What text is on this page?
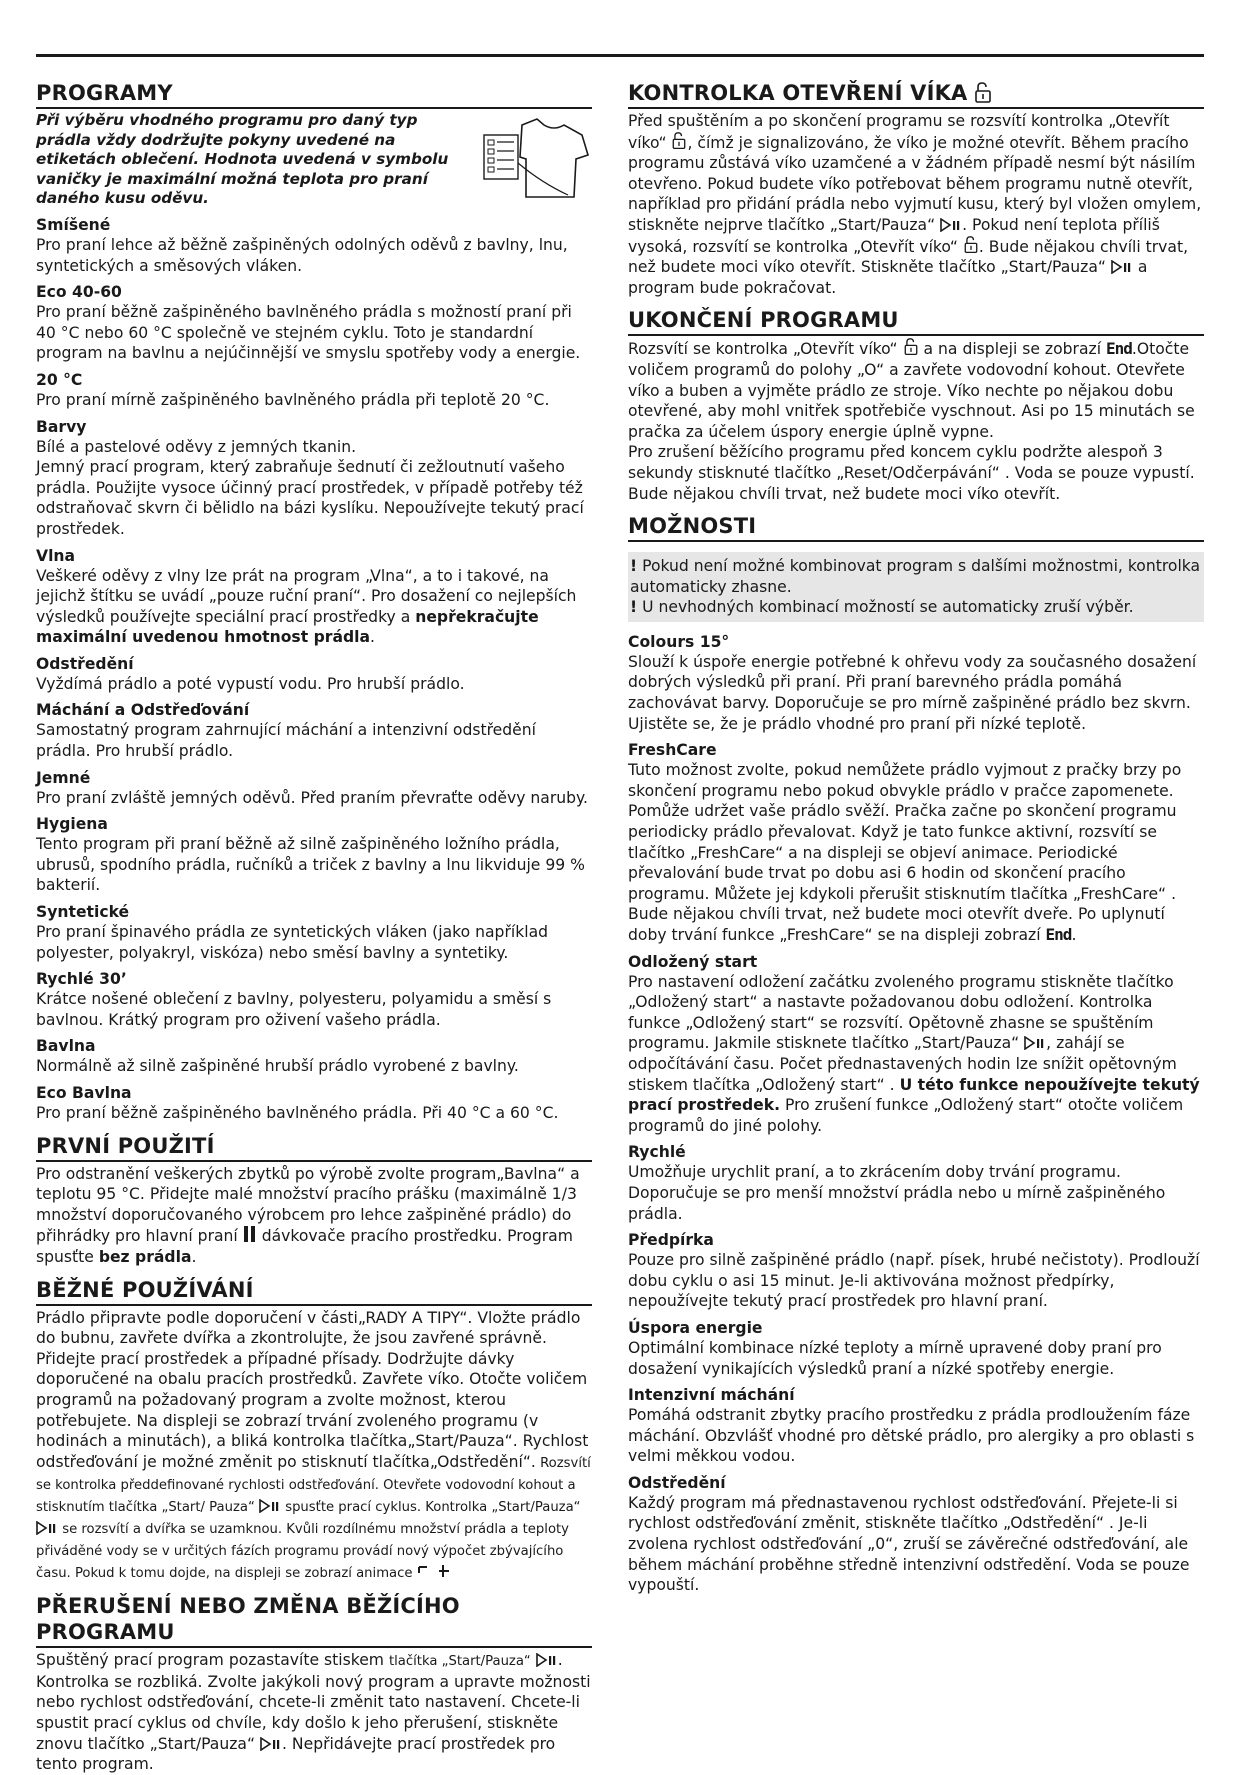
PROGRAMY

Při výběru vhodného programu pro daný typ prádla vždy dodržujte pokyny uvedené na etiketách oblečení. Hodnota uvedená v symbolu vaničky je maximální možná teplota pro praní daného kusu oděvu.

Smíšené

Pro praní lehce až běžně zašpiněných odolných oděvů z bavlny, lnu, syntetických a směsových vláken.

Eco 40-60

Pro praní běžně zašpiněného bavlněného prádla s možností praní při 40 °C nebo 60 °C společně ve stejném cyklu. Toto je standardní program na bavlnu a nejúčinnější ve smyslu spotřeby vody a energie.

20 °C

Pro praní mírně zašpiněného bavlněného prádla při teplotě 20 °C.

Barvy

Bílé a pastelové oděvy z jemných tkanin.
Jemný prací program, který zabraňuje šednutí či zežloutnutí vašeho prádla. Použijte vysoce účinný prací prostředek, v případě potřeby též odstraňovač skvrn či bělidlo na bázi kyslíku. Nepoužívejte tekutý prací prostředek.

Vlna

Veškeré oděvy z vlny lze prát na program „Vlna“, a to i takové, na jejichž štítku se uvádí „pouze ruční praní“. Pro dosažení co nejlepších výsledků používejte speciální prací prostředky a nepřekračujte maximální uvedenou hmotnost prádla.

Odstředění

Vyždímá prádlo a poté vypustí vodu. Pro hrubší prádlo.

Máchání a Odstřeďování

Samostatný program zahrnující máchání a intenzivní odstředění prádla. Pro hrubší prádlo.

Jemné

Pro praní zvláště jemných oděvů. Před praním převraťte oděvy naruby.

Hygiena

Tento program při praní běžně až silně zašpiněného ložního prádla, ubrusů, spodního prádla, ručníků a triček z bavlny a lnu likviduje 99 % bakterií.

Syntetické

Pro praní špinavého prádla ze syntetických vláken (jako například polyester, polyakryl, viskóza) nebo směsí bavlny a syntetiky.

Rychlé 30’

Krátce nošené oblečení z bavlny, polyesteru, polyamidu a směsí s bavlnou. Krátký program pro oživení vašeho prádla.

Bavlna

Normálně až silně zašpiněné hrubší prádlo vyrobené z bavlny.

Eco Bavlna

Pro praní běžně zašpiněného bavlněného prádla. Při 40 °C a 60 °C.

PRVNÍ POUŽITÍ

Pro odstranění veškerých zbytků po výrobě zvolte program„Bavlna“ a teplotu 95 °C. Přidejte malé množství pracího prášku (maximálně 1/3 množství doporučovaného výrobcem pro lehce zašpiněné prádlo) do přihrádky pro hlavní praní dávkovače pracího prostředku. Program spusťte bez prádla.

BĚŽNÉ POUŽÍVÁNÍ

Prádlo připravte podle doporučení v části„RADY A TIPY“. Vložte prádlo do bubnu, zavřete dvířka a zkontrolujte, že jsou zavřené správně. Přidejte prací prostředek a případné přísady. Dodržujte dávky doporučené na obalu pracích prostředků. Zavřete víko. Otočte voličem programů na požadovaný program a zvolte možnost, kterou potřebujete. Na displeji se zobrazí trvání zvoleného programu (v hodinách a minutách), a bliká kontrolka tlačítka„Start/Pauza“. Rychlost odstřeďování je možné změnit po stisknutí tlačítka„Odstředění“. Rozsvítí se kontrolka předdefinované rychlosti odstřeďování. Otevřete vodovodní kohout a stisknutím tlačítka „Start/ Pauza“  spusťte prací cyklus. Kontrolka „Start/Pauza“  se rozsvítí a dvířka se uzamknou. Kvůli rozdílnému množství prádla a teploty přiváděné vody se v určitých fázích programu provádí nový výpočet zbývajícího času. Pokud k tomu dojde, na displeji se zobrazí animace

PŘERUŠENÍ NEBO ZMĚNA BĚŽÍCÍHO PROGRAMU

Spuštěný prací program pozastavíte stiskem tlačítka „Start/Pauza“ . Kontrolka se rozbliká. Zvolte jakýkoli nový program a upravte možnosti nebo rychlost odstřeďování, chcete-li změnit tato nastavení. Chcete-li spustit prací cyklus od chvíle, kdy došlo k jeho přerušení, stiskněte znovu tlačítko „Start/Pauza“ . Nepřidávejte prací prostředek pro tento program.

KONTROLKA OTEVŘENÍ VÍKA

Před spuštěním a po skončení programu se rozsvítí kontrolka „Otevřít víko“ , čímž je signalizováno, že víko je možné otevřít. Během pracího programu zůstává víko uzamčené a v žádném případě nesmí být násilím otevřeno. Pokud budete víko potřebovat během programu nutně otevřít, například pro přidání prádla nebo vyjmutí kusu, který byl vložen omylem, stiskněte nejprve tlačítko „Start/Pauza“ . Pokud není teplota příliš vysoká, rozsvítí se kontrolka „Otevřít víko“ . Bude nějakou chvíli trvat, než budete moci víko otevřít. Stiskněte tlačítko „Start/Pauza“  a program bude pokračovat.

UKONČENÍ PROGRAMU

Rozsvítí se kontrolka „Otevřít víko“  a na displeji se zobrazí End.Otočte voličem programů do polohy „O“ a zavřete vodovodní kohout. Otevřete víko a buben a vyjměte prádlo ze stroje. Víko nechte po nějakou dobu otevřené, aby mohl vnitřek spotřebiče vyschnout. Asi po 15 minutách se pračka za účelem úspory energie úplně vypne.
Pro zrušení běžícího programu před koncem cyklu podržte alespoň 3 sekundy stisknuté tlačítko „Reset/Odčerpávání“ . Voda se pouze vypustí. Bude nějakou chvíli trvat, než budete moci víko otevřít.

MOŽNOSTI
! Pokud není možné kombinovat program s dalšími možnostmi, kontrolka automaticky zhasne.
! U nevhodných kombinací možností se automaticky zruší výběr.
Colours 15°

Slouží k úspoře energie potřebné k ohřevu vody za současného dosažení dobrých výsledků při praní. Při praní barevného prádla pomáhá zachovávat barvy. Doporučuje se pro mírně zašpiněné prádlo bez skvrn. Ujistěte se, že je prádlo vhodné pro praní při nízké teplotě.

FreshCare

Tuto možnost zvolte, pokud nemůžete prádlo vyjmout z pračky brzy po skončení programu nebo pokud obvykle prádlo v pračce zapomenete. Pomůže udržet vaše prádlo svěží. Pračka začne po skončení programu periodicky prádlo převalovat. Když je tato funkce aktivní, rozsvítí se tlačítko „FreshCare“ a na displeji se objeví animace. Periodické převalování bude trvat po dobu asi 6 hodin od skončení pracího programu. Můžete jej kdykoli přerušit stisknutím tlačítka „FreshCare“ . Bude nějakou chvíli trvat, než budete moci otevřít dveře. Po uplynutí doby trvání funkce „FreshCare“ se na displeji zobrazí End.

Odložený start

Pro nastavení odložení začátku zvoleného programu stiskněte tlačítko „Odložený start“ a nastavte požadovanou dobu odložení. Kontrolka funkce „Odložený start“ se rozsvítí. Opětovně zhasne se spuštěním programu. Jakmile stisknete tlačítko „Start/Pauza“ , zahájí se odpočítávání času. Počet přednastavených hodin lze snížit opětovným stiskem tlačítka „Odložený start“ . U této funkce nepoužívejte tekutý prací prostředek. Pro zrušení funkce „Odložený start“ otočte voličem programů do jiné polohy.

Rychlé

Umožňuje urychlit praní, a to zkrácením doby trvání programu. Doporučuje se pro menší množství prádla nebo u mírně zašpiněného prádla.

Předpírka

Pouze pro silně zašpiněné prádlo (např. písek, hrubé nečistoty). Prodlouží dobu cyklu o asi 15 minut. Je-li aktivována možnost předpírky, nepoužívejte tekutý prací prostředek pro hlavní praní.

Úspora energie

Optimální kombinace nízké teploty a mírně upravené doby praní pro dosažení vynikajících výsledků praní a nízké spotřeby energie.

Intenzivní máchání

Pomáhá odstranit zbytky pracího prostředku z prádla prodloužením fáze máchání. Obzvlášť vhodné pro dětské prádlo, pro alergiky a pro oblasti s velmi měkkou vodou.

Odstředění

Každý program má přednastavenou rychlost odstřeďování. Přejete-li si rychlost odstřeďování změnit, stiskněte tlačítko „Odstředění“ . Je-li zvolena rychlost odstřeďování „0“, zruší se závěrečné odstřeďování, ale během máchání proběhne středně intenzivní odstředění. Voda se pouze vypouští.
